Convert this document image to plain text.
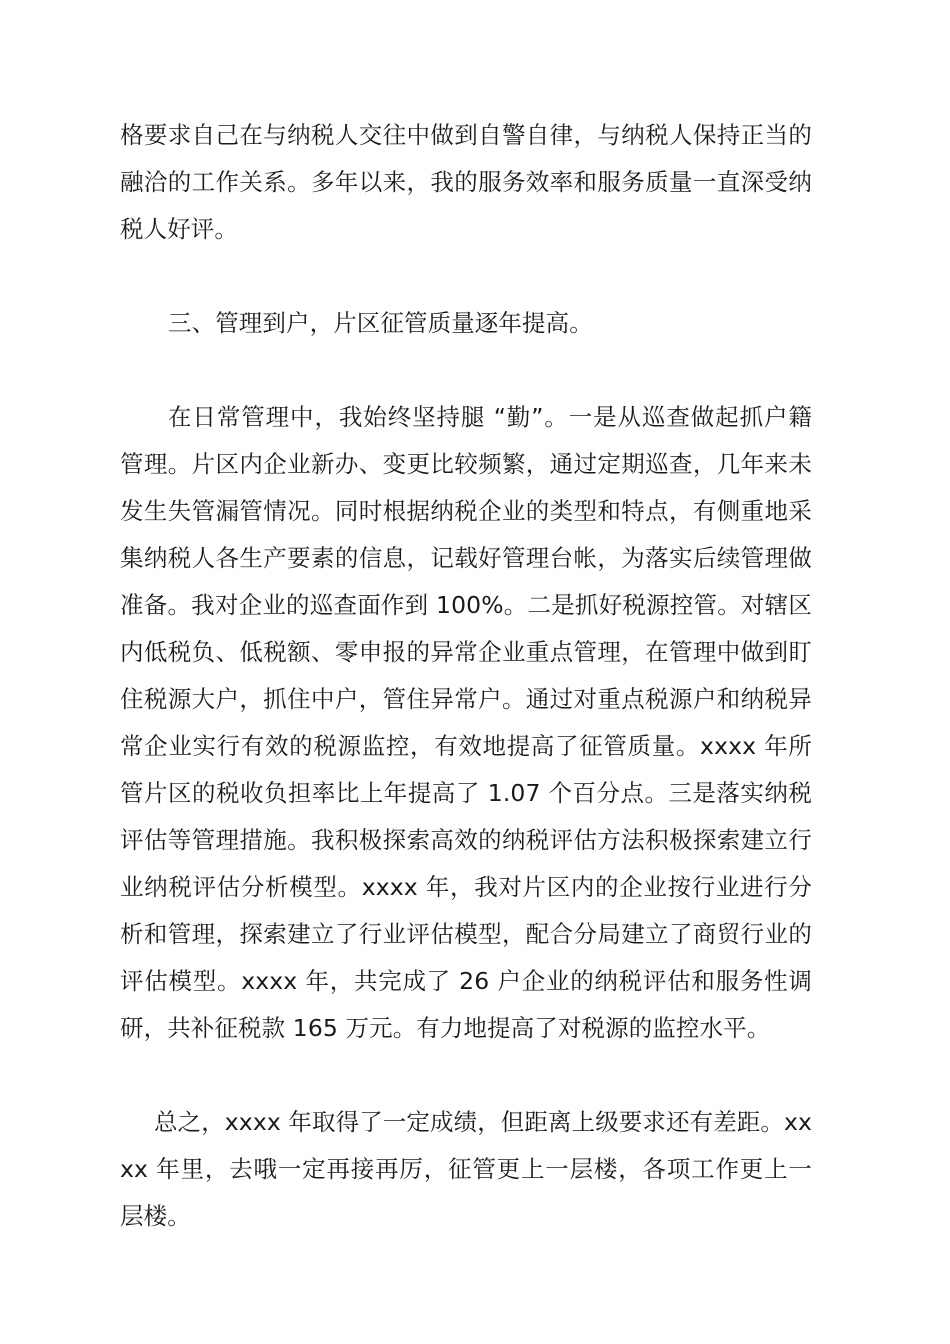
格要求自己在与纳税人交往中做到自警自律，与纳税人保持正当的融洽的工作关系。多年以来，我的服务效率和服务质量一直深受纳税人好评。

三、管理到户，片区征管质量逐年提高。

在日常管理中，我始终坚持腿 “勤”。一是从巡查做起抓户籍管理。片区内企业新办、变更比较频繁，通过定期巡查，几年来未发生失管漏管情况。同时根据纳税企业的类型和特点，有侧重地采集纳税人各生产要素的信息，记载好管理台帐，为落实后续管理做准备。我对企业的巡查面作到 100%。二是抓好税源控管。对辖区内低税负、低税额、零申报的异常企业重点管理，在管理中做到盯住税源大户，抓住中户，管住异常户。通过对重点税源户和纳税异常企业实行有效的税源监控，有效地提高了征管质量。xxxx 年所管片区的税收负担率比上年提高了 1.07 个百分点。三是落实纳税评估等管理措施。我积极探索高效的纳税评估方法积极探索建立行业纳税评估分析模型。xxxx 年，我对片区内的企业按行业进行分析和管理，探索建立了行业评估模型，配合分局建立了商贸行业的评估模型。xxxx 年，共完成了 26 户企业的纳税评估和服务性调研，共补征税款 165 万元。有力地提高了对税源的监控水平。

总之，xxxx 年取得了一定成绩，但距离上级要求还有差距。xxxx 年里，去哦一定再接再厉，征管更上一层楼，各项工作更上一层楼。
